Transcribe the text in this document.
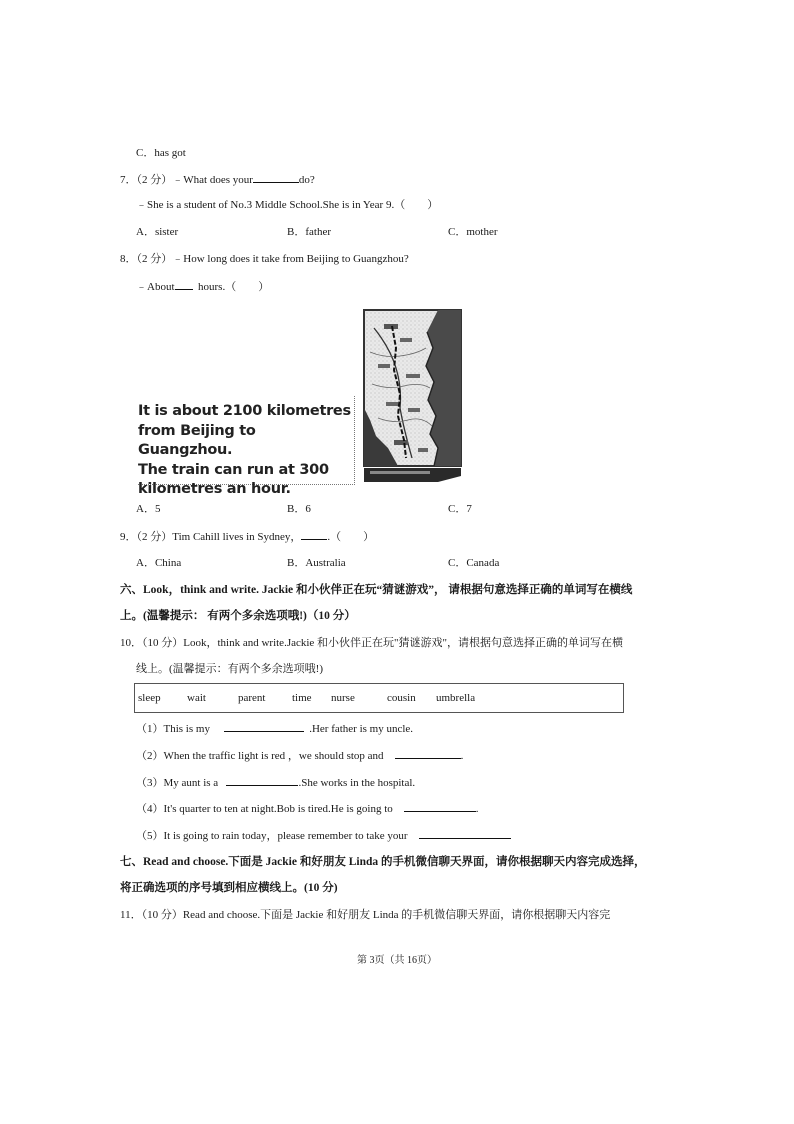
C．has got
7．（2 分）﹣What does your	do?
﹣She is a student of No.3 Middle School.She is in Year 9.（　　）
A．sister	B．father	C．mother
8．（2 分）﹣How long does it take from Beijing to Guangzhou?
﹣About hours.（　　）
It is about 2100 kilometres
from Beijing to Guangzhou.
The train can run at 300
kilometres an hour.
A．5	B．6	C．7
9．（2 分）Tim Cahill lives in Sydney， .（　　）
A．China	B．Australia	C．Canada
六、Look，think and write. Jackie 和小伙伴正在玩“猜谜游戏”， 请根据句意选择正确的单词写在横线
上。(温馨提示： 有两个多余选项哦!)（10 分）
10．（10 分）Look，think and write.Jackie 和小伙伴正在玩"猜谜游戏"，请根据句意选择正确的单词写在横
线上。(温馨提示：有两个多余选项哦!)
sleep wait	parent time nurse	cousin umbrella
（1）This is my	.Her father is my uncle.
（2）When the traffic light is red ，we should stop and	.
（3）My aunt is a	.She works in the hospital.
（4）It's quarter to ten at night.Bob is tired.He is going to	.
（5）It is going to rain today，please remember to take your
七、Read and choose.下面是 Jackie 和好朋友 Linda 的手机微信聊天界面，请你根据聊天内容完成选择，
将正确选项的序号填到相应横线上。(10 分)
11．（10 分）Read and choose.下面是 Jackie 和好朋友 Linda 的手机微信聊天界面，请你根据聊天内容完
第 3页（共 16页）
